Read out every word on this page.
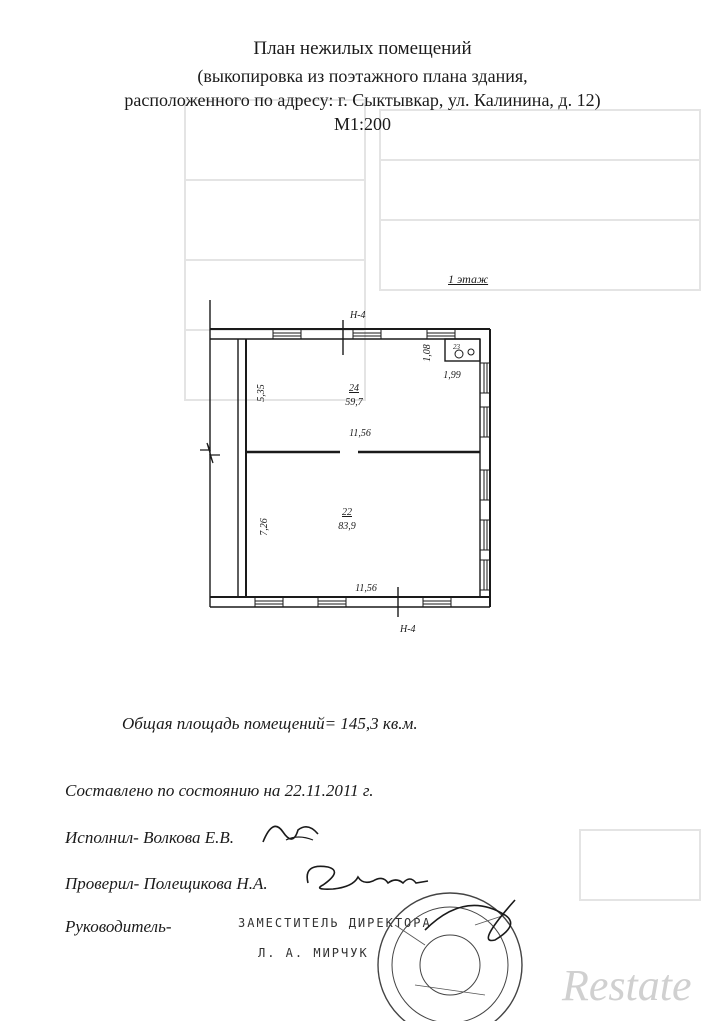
План нежилых помещений
(выкопировка из поэтажного плана здания,
расположенного по адресу: г. Сыктывкар, ул. Калинина, д. 12)
М1:200
1 этаж
Н-4
Н-4
24
59,7
22
83,9
23
11,56
11,56
1,99
5,35
7,26
1,08
Общая площадь помещений= 145,3 кв.м.
Составлено по состоянию на 22.11.2011 г.
Исполнил- Волкова Е.В.
Проверил- Полещикова Н.А.
Руководитель-	ЗАМЕСТИТЕЛЬ ДИРЕКТОРА
Л. А. МИРЧУК
Restate
